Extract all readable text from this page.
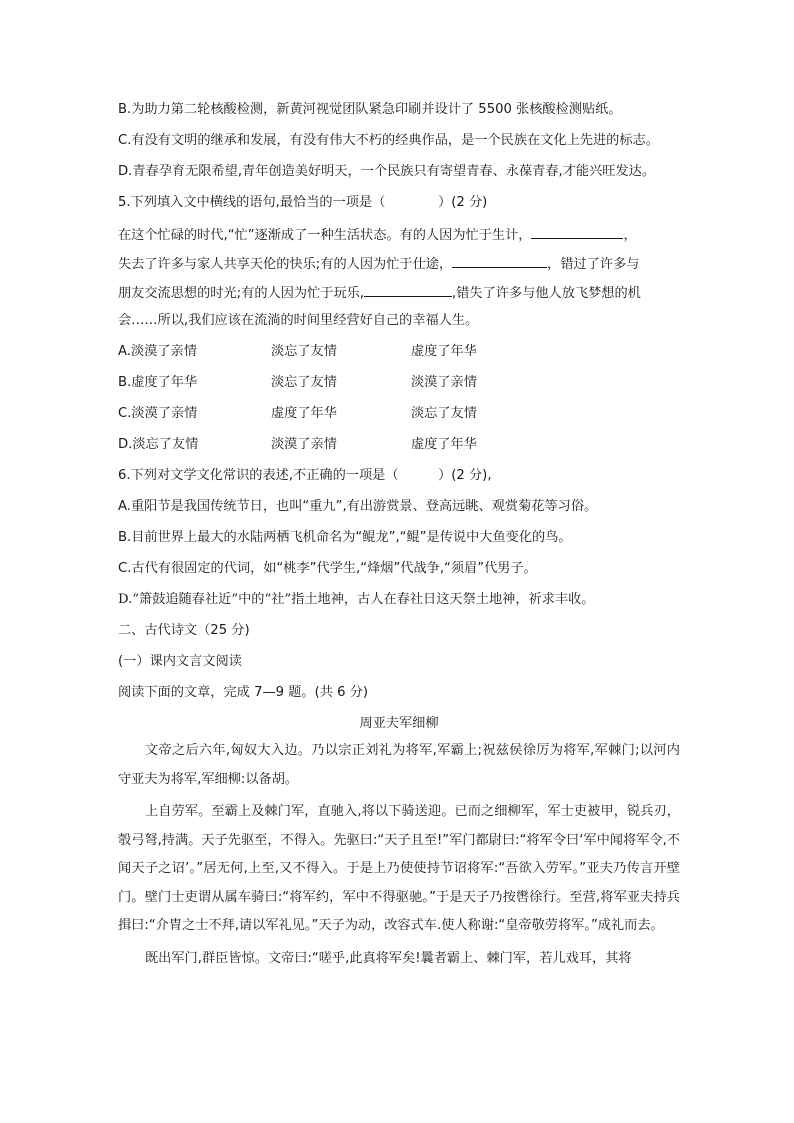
B.为助力第二轮核酸检测，新黄河视觉团队紧急印刷并设计了 5500 张核酸检测贴纸。

C.有没有文明的继承和发展，有没有伟大不朽的经典作品，是一个民族在文化上先进的标志。

D.青春孕育无限希望,青年创造美好明天，一个民族只有寄望青春、永葆青春,才能兴旺发达。

5.下列填入文中横线的语句,最恰当的一项是（　　　　）(2 分)

在这个忙碌的时代,“忙”逐渐成了一种生活状态。有的人因为忙于生计，	，

失去了许多与家人共享天伦的快乐;有的人因为忙于仕途，	，错过了许多与

朋友交流思想的时光;有的人因为忙于玩乐,	,错失了许多与他人放飞梦想的机

会……所以,我们应该在流淌的时间里经营好自己的幸福人生。

A.淡漠了亲情	淡忘了友情	虚度了年华
B.虚度了年华	淡忘了友情	淡漠了亲情
C.淡漠了亲情	虚度了年华	淡忘了友情
D.淡忘了友情	淡漠了亲情	虚度了年华

6.下列对文学文化常识的表述,不正确的一项是（　　　）(2 分),

A.重阳节是我国传统节日，也叫“重九”,有出游赏景、登高远眺、观赏菊花等习俗。

B.目前世界上最大的水陆两栖飞机命名为“鲲龙”,“鲲”是传说中大鱼变化的鸟。

C.古代有很固定的代词，如“桃李”代学生,“烽烟”代战争,“须眉”代男子。

D.“箫鼓追随春社近”中的“社”指土地神，古人在春社日这天祭土地神，祈求丰收。

二、古代诗文（25 分)

(一）课内文言文阅读

阅读下面的文章，完成 7—9 题。(共 6 分)

周亚夫军细柳

文帝之后六年,匈奴大入边。乃以宗正刘礼为将军,军霸上;祝兹侯徐厉为将军,军棘门;以河内守亚夫为将军,军细柳:以备胡。

上自劳军。至霸上及棘门军，直驰入,将以下骑送迎。已而之细柳军，军士吏被甲，锐兵刃，彀弓弩,持满。天子先驱至，不得入。先驱曰:“天子且至!”军门都尉曰:“将军令曰‘军中闻将军令,不闻天子之诏’。”居无何,上至,又不得入。于是上乃使使持节诏将军:“吾欲入劳军。”亚夫乃传言开壁门。壁门士吏谓从属车骑曰:“将军约，军中不得驱驰。”于是天子乃按辔徐行。至营,将军亚夫持兵揖曰:“介胄之士不拜,请以军礼见。”天子为动，改容式车.使人称谢:“皇帝敬劳将军。”成礼而去。

既出军门,群臣皆惊。文帝曰:“嗟乎,此真将军矣!曩者霸上、棘门军，若儿戏耳，其将
